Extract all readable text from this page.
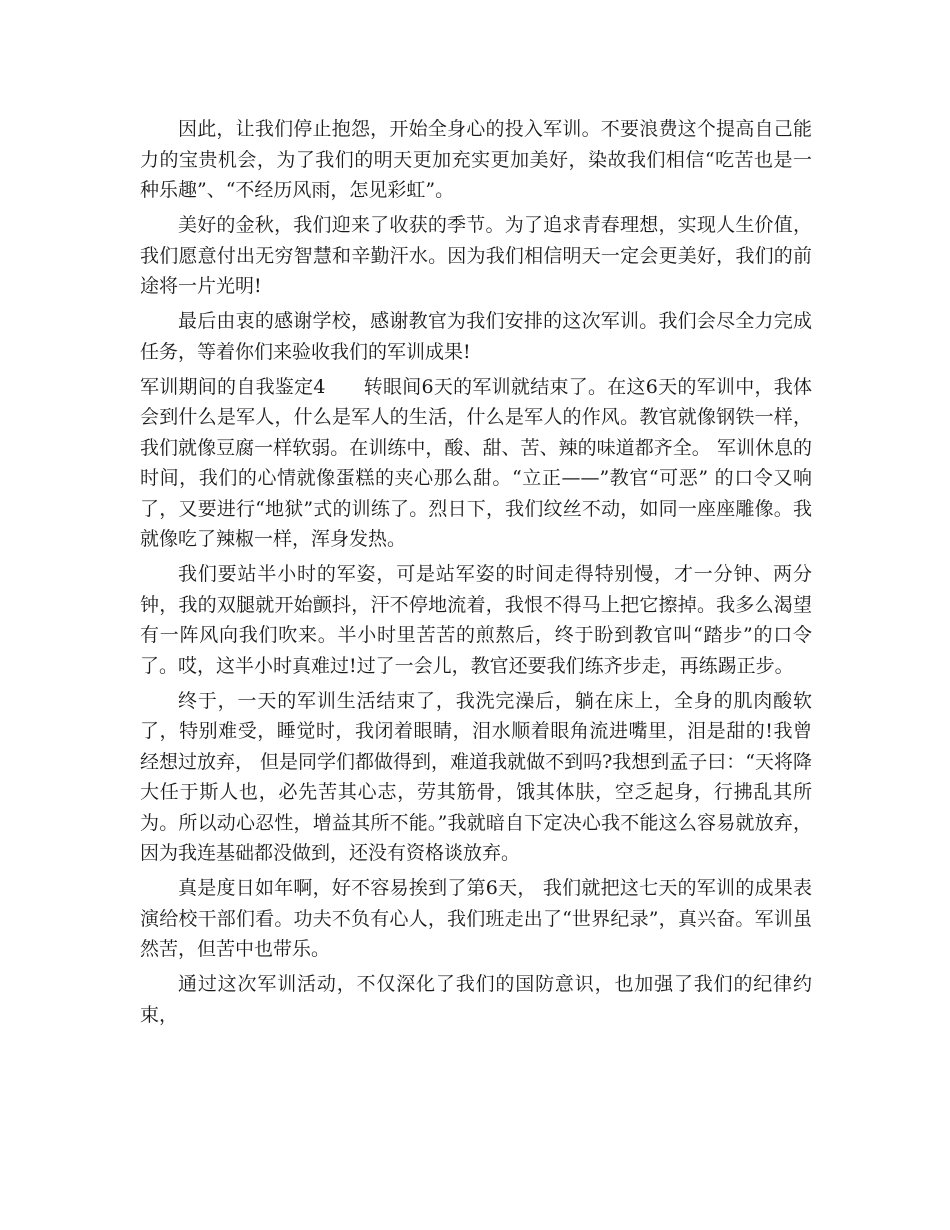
因此，让我们停止抱怨，开始全身心的投入军训。不要浪费这个提高自己能力的宝贵机会，为了我们的明天更加充实更加美好，染故我们相信“吃苦也是一种乐趣”、“不经历风雨，怎见彩虹”。

美好的金秋，我们迎来了收获的季节。为了追求青春理想，实现人生价值，我们愿意付出无穷智慧和辛勤汗水。因为我们相信明天一定会更美好，我们的前途将一片光明!

最后由衷的感谢学校，感谢教官为我们安排的这次军训。我们会尽全力完成任务，等着你们来验收我们的军训成果!

军训期间的自我鉴定4 转眼间6天的军训就结束了。在这6天的军训中，我体会到什么是军人，什么是军人的生活，什么是军人的作风。教官就像钢铁一样，我们就像豆腐一样软弱。在训练中，酸、甜、苦、辣的味道都齐全。 军训休息的时间，我们的心情就像蛋糕的夹心那么甜。“立正——”教官“可恶” 的口令又响了，又要进行“地狱”式的训练了。烈日下，我们纹丝不动，如同一座座雕像。我就像吃了辣椒一样，浑身发热。

我们要站半小时的军姿，可是站军姿的时间走得特别慢，才一分钟、两分钟，我的双腿就开始颤抖，汗不停地流着，我恨不得马上把它擦掉。我多么渴望有一阵风向我们吹来。半小时里苦苦的煎熬后，终于盼到教官叫“踏步”的口令了。哎，这半小时真难过!过了一会儿，教官还要我们练齐步走，再练踢正步。

终于，一天的军训生活结束了，我洗完澡后，躺在床上，全身的肌肉酸软了，特别难受，睡觉时，我闭着眼睛，泪水顺着眼角流进嘴里，泪是甜的!我曾经想过放弃， 但是同学们都做得到，难道我就做不到吗?我想到孟子曰：“天将降大任于斯人也，必先苦其心志，劳其筋骨，饿其体肤，空乏起身，行拂乱其所为。所以动心忍性，增益其所不能。”我就暗自下定决心我不能这么容易就放弃，因为我连基础都没做到，还没有资格谈放弃。

真是度日如年啊，好不容易挨到了第6天， 我们就把这七天的军训的成果表演给校干部们看。功夫不负有心人，我们班走出了“世界纪录”，真兴奋。军训虽然苦，但苦中也带乐。

通过这次军训活动，不仅深化了我们的国防意识，也加强了我们的纪律约束，
